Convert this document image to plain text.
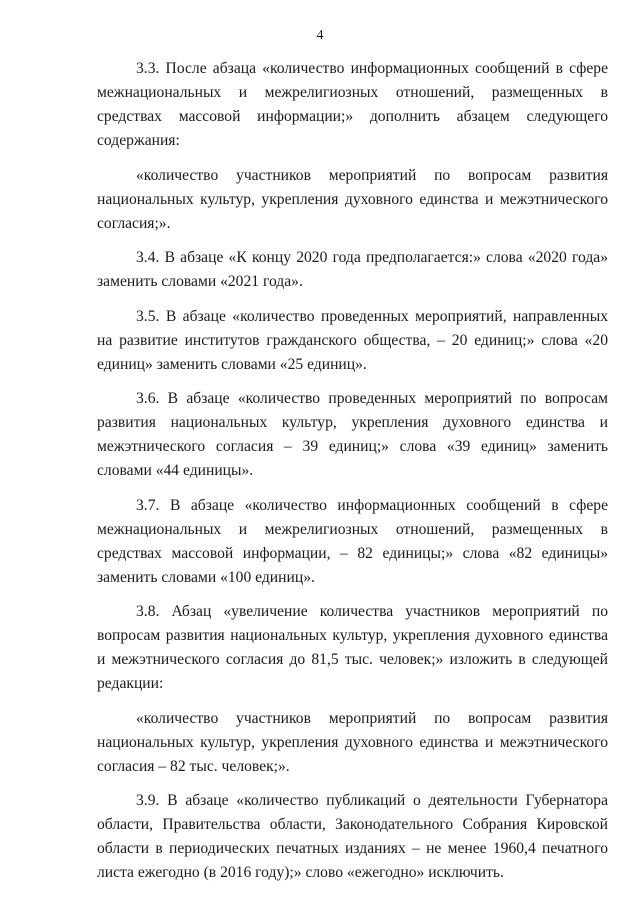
4

3.3. После абзаца «количество информационных сообщений в сфере межнациональных и межрелигиозных отношений, размещенных в средствах массовой информации;» дополнить абзацем следующего содержания:

«количество участников мероприятий по вопросам развития национальных культур, укрепления духовного единства и межэтнического согласия;».

3.4. В абзаце «К концу 2020 года предполагается:» слова «2020 года» заменить словами «2021 года».

3.5. В абзаце «количество проведенных мероприятий, направленных на развитие институтов гражданского общества, – 20 единиц;» слова «20 единиц» заменить словами «25 единиц».

3.6. В абзаце «количество проведенных мероприятий по вопросам развития национальных культур, укрепления духовного единства и межэтнического согласия – 39 единиц;» слова «39 единиц» заменить словами «44 единицы».

3.7. В абзаце «количество информационных сообщений в сфере межнациональных и межрелигиозных отношений, размещенных в средствах массовой информации, – 82 единицы;» слова «82 единицы» заменить словами «100 единиц».

3.8. Абзац «увеличение количества участников мероприятий по вопросам развития национальных культур, укрепления духовного единства и межэтнического согласия до 81,5 тыс. человек;» изложить в следующей редакции:

«количество участников мероприятий по вопросам развития национальных культур, укрепления духовного единства и межэтнического согласия – 82 тыс. человек;».

3.9. В абзаце «количество публикаций о деятельности Губернатора области, Правительства области, Законодательного Собрания Кировской области в периодических печатных изданиях – не менее 1960,4 печатного листа ежегодно (в 2016 году);» слово «ежегодно» исключить.
